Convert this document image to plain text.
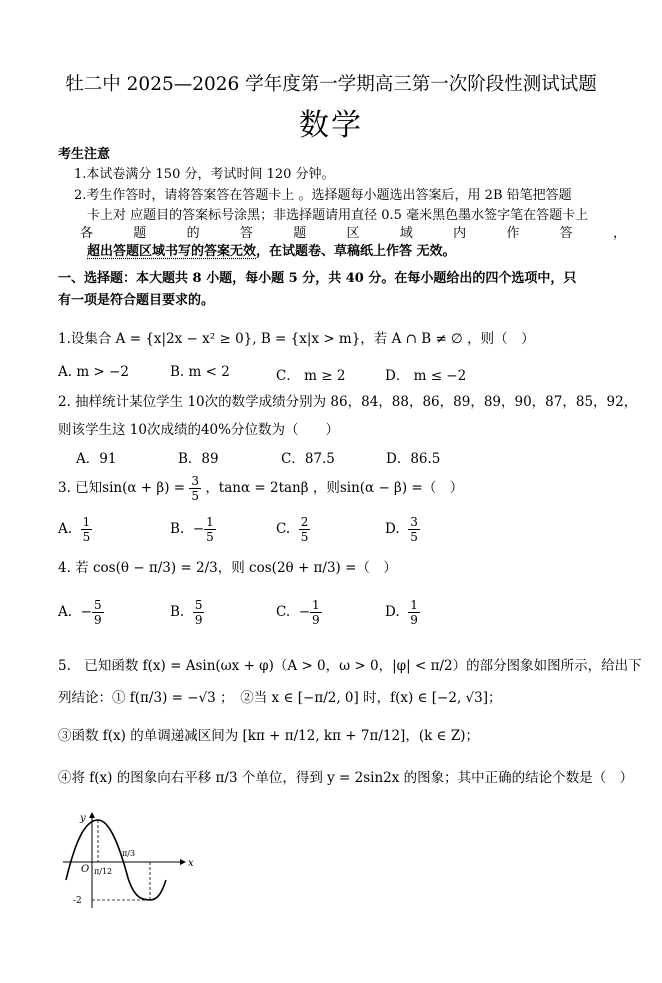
牡二中 2025—2026 学年度第一学期高三第一次阶段性测试试题
数学
考生注意
1.本试卷满分 150 分，考试时间 120 分钟。
2.考生作答时，请将答案答在答题卡上 。选择题每小题选出答案后，用 2B 铅笔把答题
卡上对 应题目的答案标号涂黑；非选择题请用直径 0.5 毫米黑色墨水签字笔在答题卡上
各	题	的	答	题	区	域	内	作	答	，
超出答题区域书写的答案无效，在试题卷、草稿纸上作答 无效。
一、选择题：本大题共 8 小题，每小题 5 分，共 40 分。在每小题给出的四个选项中，只
有一项是符合题目要求的。
1.设集合 A = {x|2x − x² ≥ 0}, B = {x|x > m}，若 A ∩ B ≠ ∅ ，则（　）
A. m > −2	B. m < 2	C． m ≥ 2	D． m ≤ −2
2. 抽样统计某位学生 10次的数学成绩分别为 86，84，88，86，89，89，90，87，85，92，
则该学生这 10次成绩的40%分位数为（　　）
A．91	B．89	C．87.5	D．86.5
3. 已知$\sin(\alpha + \beta) = \frac{3}{5}$ ，tanα = 2tanβ ，则sin(α − β) =（　）
A. $\frac{1}{5}$	B. − $\frac{1}{5}$	C. $\frac{2}{5}$	D. $\frac{3}{5}$
4. 若 cos(θ − π/3) = 2/3，则 cos(2θ + π/3) =（　）
A. − $\frac{5}{9}$	B. $\frac{5}{9}$	C. − $\frac{1}{9}$	D. $\frac{1}{9}$
5.　已知函数 f(x) = Asin(ωx + φ)（A > 0，ω > 0，|φ| < π/2）的部分图象如图所示，给出下
列结论：① f(π/3) = −√3 ；　②当 x ∈ [−π/2, 0] 时，f(x) ∈ [−2, √3]；
③函数 f(x) 的单调递减区间为 [kπ + π/12, kπ + 7π/12]，(k ∈ Z)；
④将 f(x) 的图象向右平移 π/3 个单位，得到 y = 2sin2x 的图象；其中正确的结论个数是（　）
y
x
O π/12
π/3
-2
